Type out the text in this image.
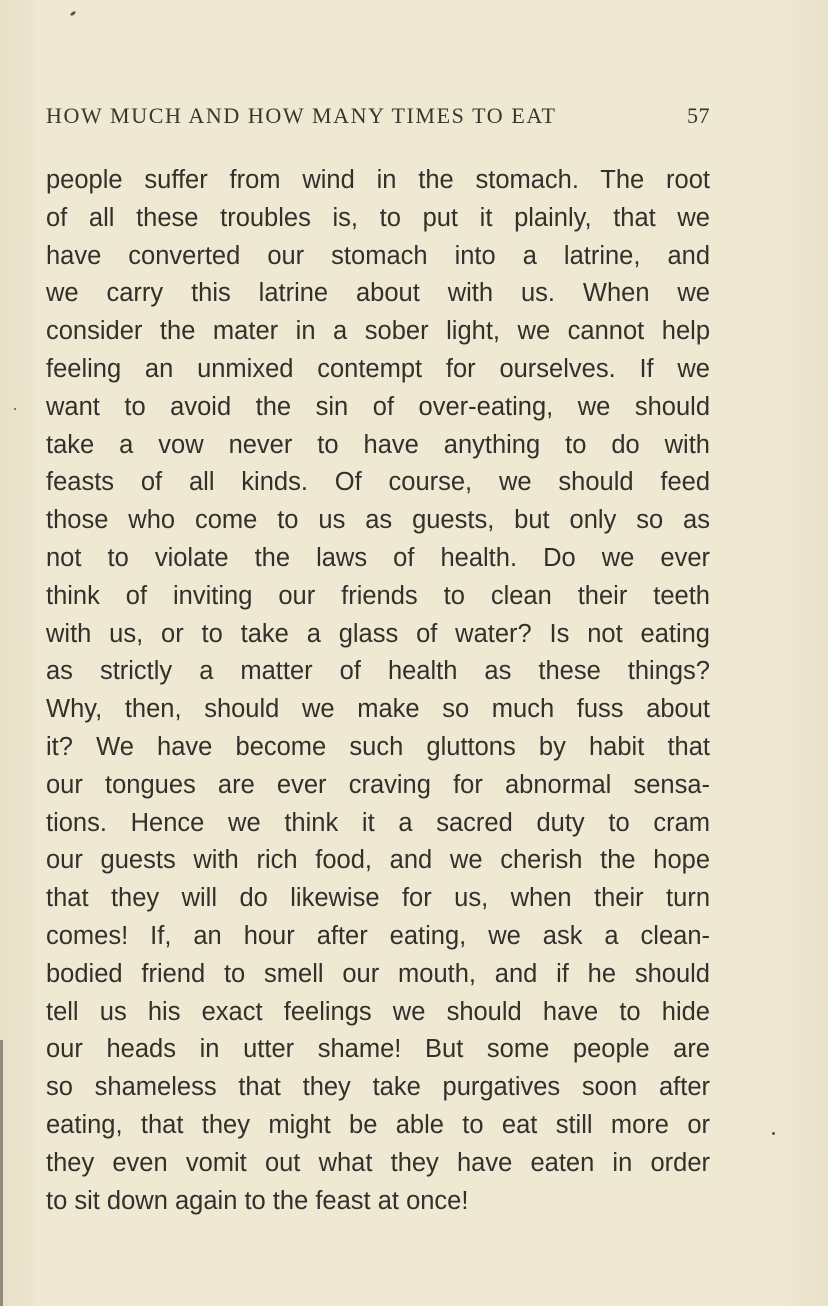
HOW MUCH AND HOW MANY TIMES TO EAT	57
people suffer from wind in the stomach. The root
of all these troubles is, to put it plainly, that we
have converted our stomach into a latrine, and
we carry this latrine about with us. When we
consider the mater in a sober light, we cannot help
feeling an unmixed contempt for ourselves. If we
want to avoid the sin of over-eating, we should
take a vow never to have anything to do with
feasts of all kinds. Of course, we should feed
those who come to us as guests, but only so as
not to violate the laws of health. Do we ever
think of inviting our friends to clean their teeth
with us, or to take a glass of water? Is not eating
as strictly a matter of health as these things?
Why, then, should we make so much fuss about
it? We have become such gluttons by habit that
our tongues are ever craving for abnormal sensa-
tions. Hence we think it a sacred duty to cram
our guests with rich food, and we cherish the hope
that they will do likewise for us, when their turn
comes! If, an hour after eating, we ask a clean-
bodied friend to smell our mouth, and if he should
tell us his exact feelings we should have to hide
our heads in utter shame! But some people are
so shameless that they take purgatives soon after
eating, that they might be able to eat still more or
they even vomit out what they have eaten in order
to sit down again to the feast at once!
